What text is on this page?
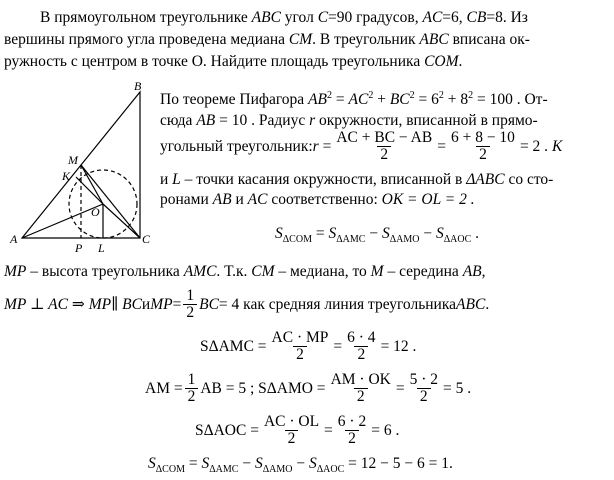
В прямоугольном треугольнике ABC угол C=90 градусов, AC=6, CB=8. Из
вершины прямого угла проведена медиана CM. В треугольник ABC вписана ок-
ружность с центром в точке О. Найдите площадь треугольника COM.
A	C
B
M
K
O
P L
По теореме Пифагора $AB^2 = AC^2 + BC^2 = 6^2 + 8^2 = 100$ . От-
сюда AB = 10 . Радиус r окружности, вписанной в прямо-
угольный треугольник: $r = \frac{AC + BC - AB}{2} = \frac{6 + 8 - 10}{2} = 2$ .
K
и L – точки касания окружности, вписанной в ΔABC со сто-
ронами AB и AC соответственно: OK = OL = 2 .
$S_{\Delta COM} = S_{\Delta AMC} - S_{\Delta AMO} - S_{\Delta AOC}$ .
MP – высота треугольника AMC. Т.к. CM – медиана, то M – середина AB,
MP ⊥ AC ⇒ MP∥ BC и MP = $\frac{1}{2}$ BC = 4 как средняя линия треугольника ABC .
$S\Delta AMC = \frac{AC \cdot MP}{2} = \frac{6 \cdot 4}{2} = 12$ .
AM = $\frac{1}{2}$ AB = 5 ; $S\Delta AMO = \frac{AM \cdot OK}{2} = \frac{5 \cdot 2}{2} = 5$ .
$S\Delta AOC = \frac{AC \cdot OL}{2} = \frac{6 \cdot 2}{2} = 6$ .
$S_{\Delta COM} = S_{\Delta AMC} - S_{\Delta AMO} - S_{\Delta AOC} = 12 - 5 - 6 = 1$.
